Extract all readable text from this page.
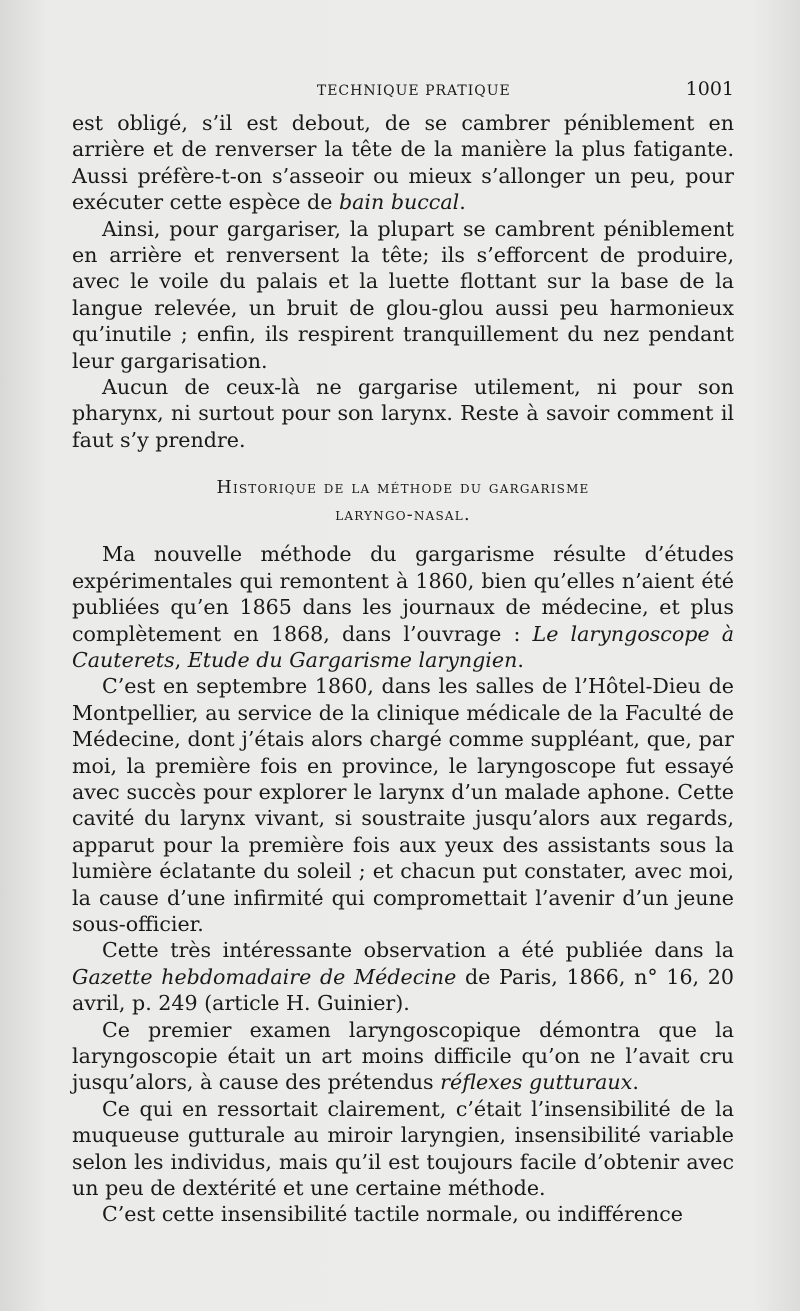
TECHNIQUE PRATIQUE	1001

est obligé, s’il est debout, de se cambrer péniblement en arrière et de renverser la tête de la manière la plus fatigante. Aussi préfère-t-on s’asseoir ou mieux s’allonger un peu, pour exécuter cette espèce de bain buccal.

Ainsi, pour gargariser, la plupart se cambrent péniblement en arrière et renversent la tête; ils s’efforcent de produire, avec le voile du palais et la luette flottant sur la base de la langue relevée, un bruit de glou-glou aussi peu harmonieux qu’inutile ; enfin, ils respirent tranquillement du nez pendant leur gargarisation.

Aucun de ceux-là ne gargarise utilement, ni pour son pharynx, ni surtout pour son larynx. Reste à savoir comment il faut s’y prendre.

Historique de la méthode du gargarisme
laryngo-nasal.

Ma nouvelle méthode du gargarisme résulte d’études expérimentales qui remontent à 1860, bien qu’elles n’aient été publiées qu’en 1865 dans les journaux de médecine, et plus complètement en 1868, dans l’ouvrage : Le laryngoscope à Cauterets, Etude du Gargarisme laryngien.

C’est en septembre 1860, dans les salles de l’Hôtel-Dieu de Montpellier, au service de la clinique médicale de la Faculté de Médecine, dont j’étais alors chargé comme suppléant, que, par moi, la première fois en province, le laryngoscope fut essayé avec succès pour explorer le larynx d’un malade aphone. Cette cavité du larynx vivant, si soustraite jusqu’alors aux regards, apparut pour la première fois aux yeux des assistants sous la lumière éclatante du soleil ; et chacun put constater, avec moi, la cause d’une infirmité qui compromettait l’avenir d’un jeune sous-officier.

Cette très intéressante observation a été publiée dans la Gazette hebdomadaire de Médecine de Paris, 1866, n° 16, 20 avril, p. 249 (article H. Guinier).

Ce premier examen laryngoscopique démontra que la laryngoscopie était un art moins difficile qu’on ne l’avait cru jusqu’alors, à cause des prétendus réflexes gutturaux.

Ce qui en ressortait clairement, c’était l’insensibilité de la muqueuse gutturale au miroir laryngien, insensibilité variable selon les individus, mais qu’il est toujours facile d’obtenir avec un peu de dextérité et une certaine méthode.

C’est cette insensibilité tactile normale, ou indifférence
